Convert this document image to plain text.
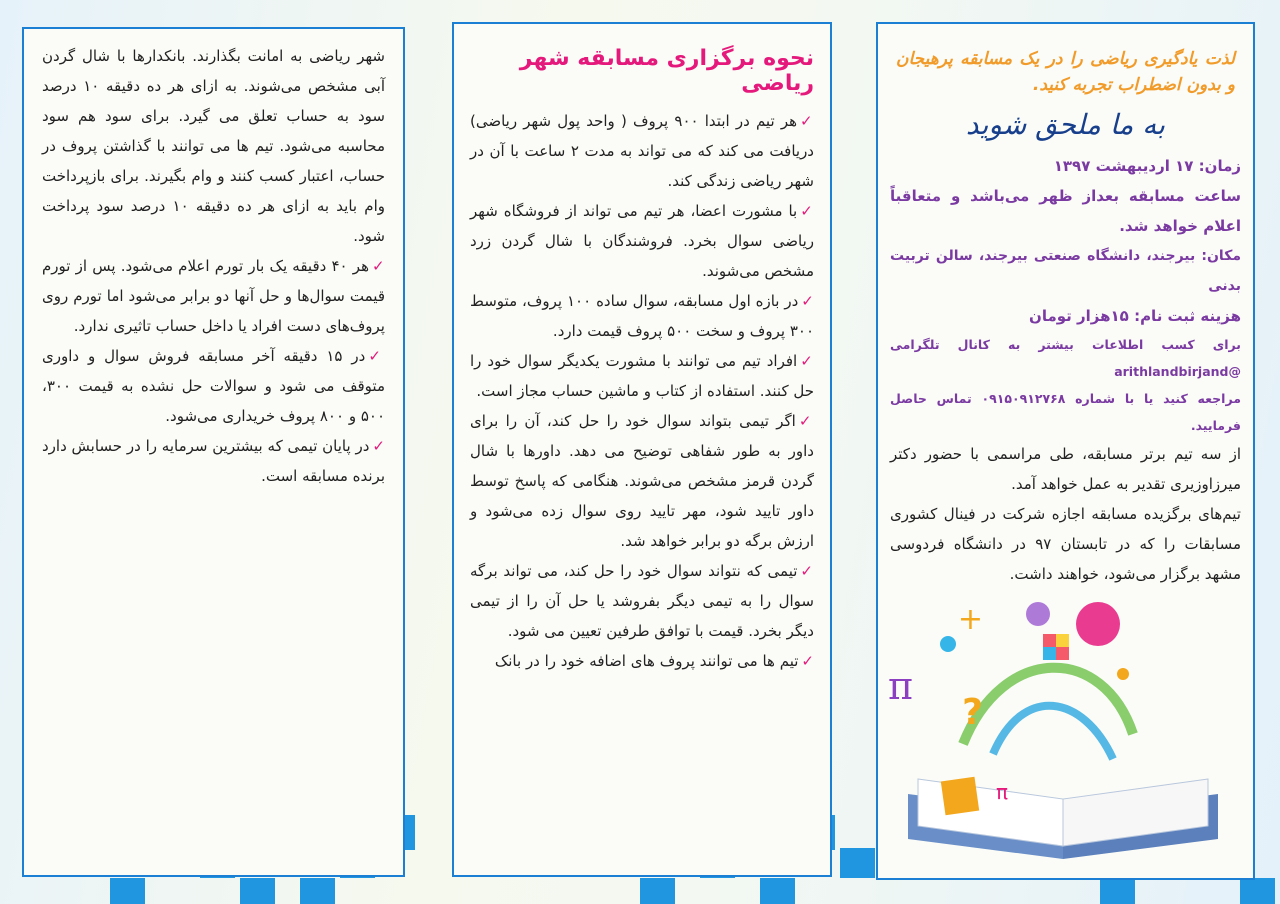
شهر ریاضی به امانت بگذارند. بانکدارها با شال گردن آبی مشخص می‌شوند. به ازای هر ده دقیقه ۱۰ درصد سود به حساب تعلق می گیرد. برای سود هم سود محاسبه می‌شود. تیم ها می توانند با گذاشتن پروف در حساب، اعتبار کسب کنند و وام بگیرند. برای بازپرداخت وام باید به ازای هر ده دقیقه ۱۰ درصد سود پرداخت شود.

✓هر ۴۰ دقیقه یک بار تورم اعلام می‌شود. پس از تورم قیمت سوال‌ها و حل آنها دو برابر می‌شود اما تورم روی پروف‌های دست افراد یا داخل حساب تاثیری ندارد.

✓در ۱۵ دقیقه آخر مسابقه فروش سوال و داوری متوقف می شود و سوالات حل نشده به قیمت ۳۰۰، ۵۰۰ و ۸۰۰ پروف خریداری می‌شود.

✓در پایان تیمی که بیشترین سرمایه را در حسابش دارد برنده مسابقه است.

نحوه برگزاری مسابقه شهر ریاضی

✓هر تیم در ابتدا ۹۰۰ پروف ( واحد پول شهر ریاضی) دریافت می کند که می تواند به مدت ۲ ساعت با آن در شهر ریاضی زندگی کند.

✓با مشورت اعضا، هر تیم می تواند از فروشگاه شهر ریاضی سوال بخرد. فروشندگان با شال گردن زرد مشخص می‌شوند.

✓در بازه اول مسابقه، سوال ساده ۱۰۰ پروف، متوسط ۳۰۰ پروف و سخت ۵۰۰ پروف قیمت دارد.

✓افراد تیم می توانند با مشورت یکدیگر سوال خود را حل کنند. استفاده از کتاب و ماشین حساب مجاز است.

✓اگر تیمی بتواند سوال خود را حل کند، آن را برای داور به طور شفاهی توضیح می دهد. داورها با شال گردن قرمز مشخص می‌شوند. هنگامی که پاسخ توسط داور تایید شود، مهر تایید روی سوال زده می‌شود و ارزش برگه دو برابر خواهد شد.

✓تیمی که نتواند سوال خود را حل کند، می تواند برگه سوال را به تیمی دیگر بفروشد یا حل آن را از تیمی دیگر بخرد. قیمت با توافق طرفین تعیین می شود.

✓تیم ها می توانند پروف های اضافه خود را در بانک

لذت یادگیری ریاضی را در یک مسابقه پرهیجان و بدون اضطراب تجربه کنید.
به ما ملحق شوید

زمان: ۱۷ اردیبهشت ۱۳۹۷

ساعت مسابقه بعداز ظهر می‌باشد و متعاقباً اعلام خواهد شد.

مکان: بیرجند، دانشگاه صنعتی بیرجند، سالن تربیت بدنی

هزینه ثبت نام: ۱۵هزار تومان

برای کسب اطلاعات بیشتر به کانال تلگرامی @arithlandbirjand

مراجعه کنید یا با شماره ۰۹۱۵۰۹۱۲۷۶۸ تماس حاصل فرمایید.

از سه تیم برتر مسابقه، طی مراسمی با حضور دکتر میرزاوزیری تقدیر به عمل خواهد آمد.

تیم‌های برگزیده مسابقه اجازه شرکت در فینال کشوری مسابقات را که در تابستان ۹۷ در دانشگاه فردوسی مشهد برگزار می‌شود، خواهند داشت.

π
+
?
π
